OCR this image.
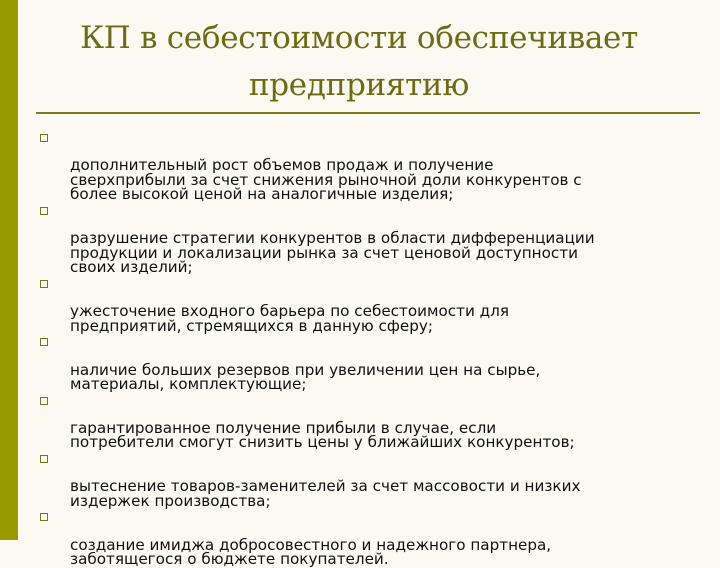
КП в себестоимости обеспечивает
предприятию

дополнительный рост объемов продаж и получение
сверхприбыли за счет снижения рыночной доли конкурентов с
более высокой ценой на аналогичные изделия;

разрушение стратегии конкурентов в области дифференциации
продукции и локализации рынка за счет ценовой доступности
своих изделий;

ужесточение входного барьера по себестоимости для
предприятий, стремящихся в данную сферу;

наличие больших резервов при увеличении цен на сырье,
материалы, комплектующие;

гарантированное получение прибыли в случае, если
потребители смогут снизить цены у ближайших конкурентов;

вытеснение товаров-заменителей за счет массовости и низких
издержек производства;

создание имиджа добросовестного и надежного партнера,
заботящегося о бюджете покупателей.
